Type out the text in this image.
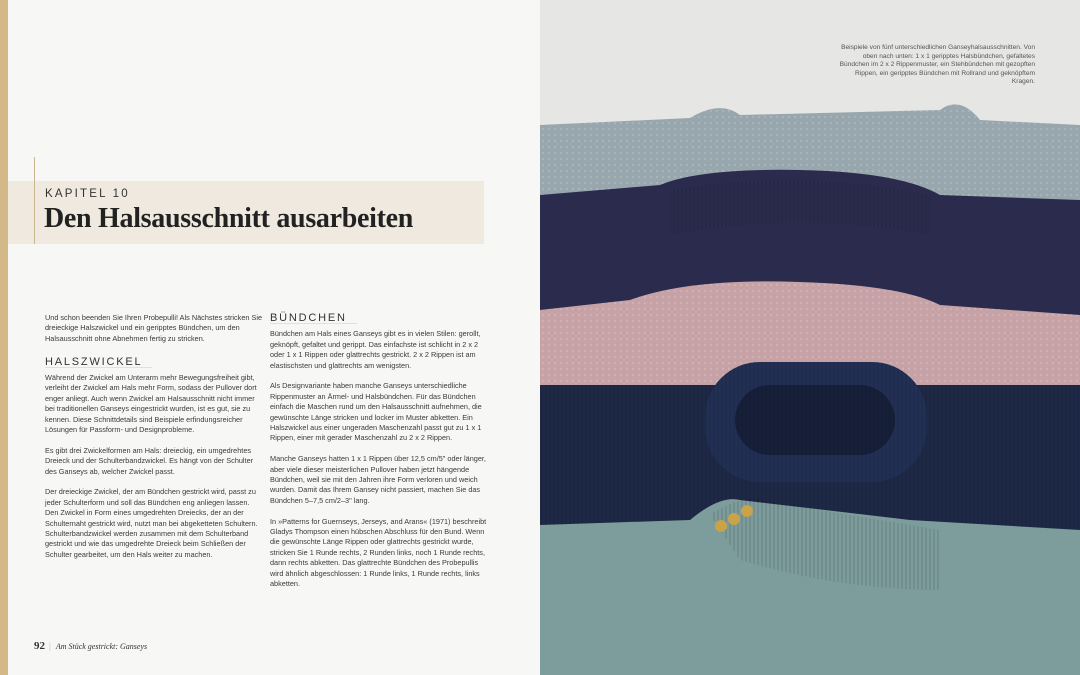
KAPITEL 10
Den Halsausschnitt ausarbeiten

Und schon beenden Sie Ihren Probepulli! Als Nächstes stricken Sie dreieckige Halszwickel und ein geripptes Bündchen, um den Halsausschnitt ohne Abnehmen fertig zu stricken.

HALSZWICKEL

Während der Zwickel am Unterarm mehr Bewegungsfreiheit gibt, verleiht der Zwickel am Hals mehr Form, sodass der Pullover dort enger anliegt. Auch wenn Zwickel am Halsausschnitt nicht immer bei traditionellen Ganseys eingestrickt wurden, ist es gut, sie zu kennen. Diese Schnittdetails sind Beispiele erfindungsreicher Lösungen für Passform- und Designprobleme.

Es gibt drei Zwickelformen am Hals: dreieckig, ein umgedrehtes Dreieck und der Schulterbandzwickel. Es hängt von der Schulter des Ganseys ab, welcher Zwickel passt.

Der dreieckige Zwickel, der am Bündchen gestrickt wird, passt zu jeder Schulterform und soll das Bündchen eng anliegen lassen. Den Zwickel in Form eines umgedrehten Dreiecks, der an der Schulternaht gestrickt wird, nutzt man bei abgeketteten Schultern. Schulterbandzwickel werden zusammen mit dem Schulterband gestrickt und wie das umgedrehte Dreieck beim Schließen der Schulter gearbeitet, um den Hals weiter zu machen.

BÜNDCHEN

Bündchen am Hals eines Ganseys gibt es in vielen Stilen: gerollt, geknöpft, gefaltet und gerippt. Das einfachste ist schlicht in 2 x 2 oder 1 x 1 Rippen oder glattrechts gestrickt. 2 x 2 Rippen ist am elastischsten und glattrechts am wenigsten.

Als Designvariante haben manche Ganseys unterschiedliche Rippenmuster an Ärmel- und Halsbündchen. Für das Bündchen einfach die Maschen rund um den Halsausschnitt aufnehmen, die gewünschte Länge stricken und locker im Muster abketten. Ein Halszwickel aus einer ungeraden Maschenzahl passt gut zu 1 x 1 Rippen, einer mit gerader Maschenzahl zu 2 x 2 Rippen.

Manche Ganseys hatten 1 x 1 Rippen über 12,5 cm/5" oder länger, aber viele dieser meisterlichen Pullover haben jetzt hängende Bündchen, weil sie mit den Jahren ihre Form verloren und weich wurden. Damit das Ihrem Gansey nicht passiert, machen Sie das Bündchen 5–7,5 cm/2–3" lang.

In »Patterns for Guernseys, Jerseys, and Arans« (1971) beschreibt Gladys Thompson einen hübschen Abschluss für den Bund. Wenn die gewünschte Länge Rippen oder glattrechts gestrickt wurde, stricken Sie 1 Runde rechts, 2 Runden links, noch 1 Runde rechts, dann rechts abketten. Das glattrechte Bündchen des Probepullis wird ähnlich abgeschlossen: 1 Runde links, 1 Runde rechts, links abketten.

92 | Am Stück gestrickt: Ganseys
Beispiele von fünf unterschiedlichen Ganseyhalsausschnitten. Von oben nach unten: 1 x 1 geripptes Halsbündchen, gefaltetes Bündchen im 2 x 2 Rippenmuster, ein Stehbündchen mit gezopften Rippen, ein geripptes Bündchen mit Rollrand und geknöpftem Kragen.
